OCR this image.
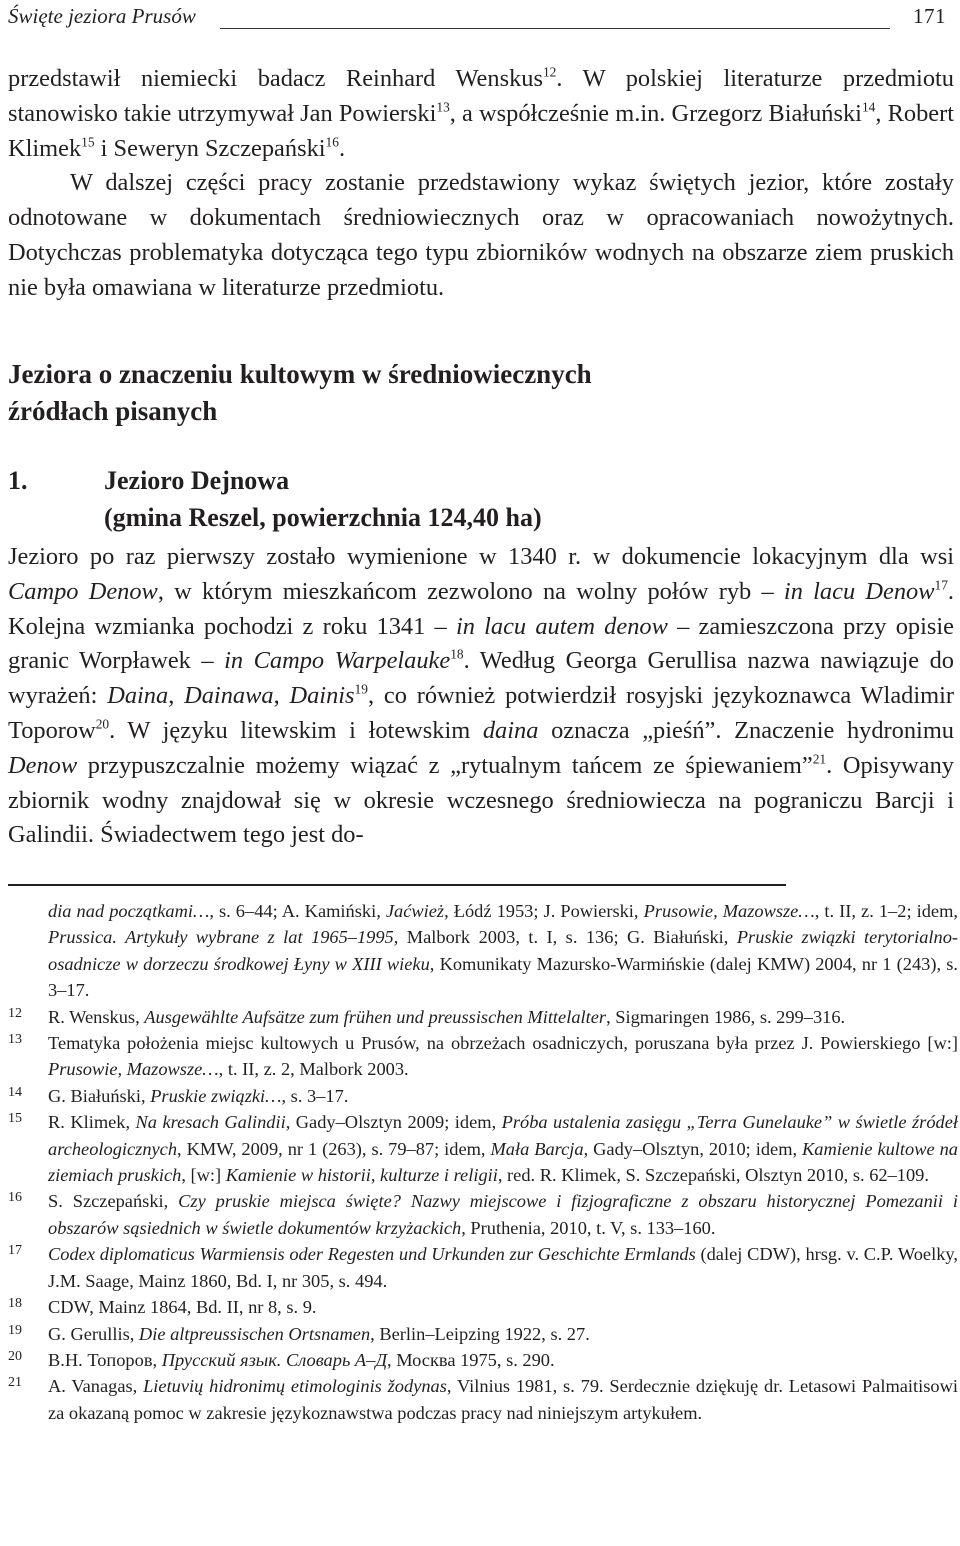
Święte jeziora Prusów	171

przedstawił niemiecki badacz Reinhard Wenskus$^{12}$. W polskiej literaturze przedmiotu stanowisko takie utrzymywał Jan Powierski$^{13}$, a współcześnie m.in. Grzegorz Białuński$^{14}$, Robert Klimek$^{15}$ i Seweryn Szczepański$^{16}$.

W dalszej części pracy zostanie przedstawiony wykaz świętych jezior, które zostały odnotowane w dokumentach średniowiecznych oraz w opracowaniach nowożytnych. Dotychczas problematyka dotycząca tego typu zbiorników wodnych na obszarze ziem pruskich nie była omawiana w literaturze przedmiotu.

Jeziora o znaczeniu kultowym w średniowiecznych
źródłach pisanych
1.	Jezioro Dejnowa
(gmina Reszel, powierzchnia 124,40 ha)

Jezioro po raz pierwszy zostało wymienione w 1340 r. w dokumencie lokacyjnym dla wsi Campo Denow, w którym mieszkańcom zezwolono na wolny połów ryb – in lacu Denow$^{17}$. Kolejna wzmianka pochodzi z roku 1341 – in lacu autem denow – zamieszczona przy opisie granic Worpławek – in Campo Warpelauke$^{18}$. Według Georga Gerullisa nazwa nawiązuje do wyrażeń: Daina, Dainawa, Dainis$^{19}$, co również potwierdził rosyjski językoznawca Wladimir Toporow$^{20}$. W języku litewskim i łotewskim daina oznacza „pieśń”. Znaczenie hydronimu Denow przypuszczalnie możemy wiązać z „rytualnym tańcem ze śpiewaniem”$^{21}$. Opisywany zbiornik wodny znajdował się w okresie wczesnego średniowiecza na pograniczu Barcji i Galindii. Świadectwem tego jest do-

dia nad początkami…, s. 6–44; A. Kamiński, Jaćwież, Łódź 1953; J. Powierski, Prusowie, Mazowsze…, t. II, z. 1–2; idem, Prussica. Artykuły wybrane z lat 1965–1995, Malbork 2003, t. I, s. 136; G. Białuński, Pruskie związki terytorialno-osadnicze w dorzeczu środkowej Łyny w XIII wieku, Komunikaty Mazursko-Warmińskie (dalej KMW) 2004, nr 1 (243), s. 3–17.
12	R. Wenskus, Ausgewählte Aufsätze zum frühen und preussischen Mittelalter, Sigmaringen 1986, s. 299–316.
13	Tematyka położenia miejsc kultowych u Prusów, na obrzeżach osadniczych, poruszana była przez J. Powierskiego [w:] Prusowie, Mazowsze…, t. II, z. 2, Malbork 2003.
14	G. Białuński, Pruskie związki…, s. 3–17.
15	R. Klimek, Na kresach Galindii, Gady–Olsztyn 2009; idem, Próba ustalenia zasięgu „Terra Gunelauke” w świetle źródeł archeologicznych, KMW, 2009, nr 1 (263), s. 79–87; idem, Mała Barcja, Gady–Olsztyn, 2010; idem, Kamienie kultowe na ziemiach pruskich, [w:] Kamienie w historii, kulturze i religii, red. R. Klimek, S. Szczepański, Olsztyn 2010, s. 62–109.
16	S. Szczepański, Czy pruskie miejsca święte? Nazwy miejscowe i fizjograficzne z obszaru historycznej Pomezanii i obszarów sąsiednich w świetle dokumentów krzyżackich, Pruthenia, 2010, t. V, s. 133–160.
17	Codex diplomaticus Warmiensis oder Regesten und Urkunden zur Geschichte Ermlands (dalej CDW), hrsg. v. C.P. Woelky, J.M. Saage, Mainz 1860, Bd. I, nr 305, s. 494.
18	CDW, Mainz 1864, Bd. II, nr 8, s. 9.
19	G. Gerullis, Die altpreussischen Ortsnamen, Berlin–Leipzing 1922, s. 27.
20	В.Н. Топоров, Прусский язык. Словарь А–Д, Москва 1975, s. 290.
21	A. Vanagas, Lietuvių hidronimų etimologinis žodynas, Vilnius 1981, s. 79. Serdecznie dziękuję dr. Letasowi Palmaitisowi za okazaną pomoc w zakresie językoznawstwa podczas pracy nad niniejszym artykułem.
